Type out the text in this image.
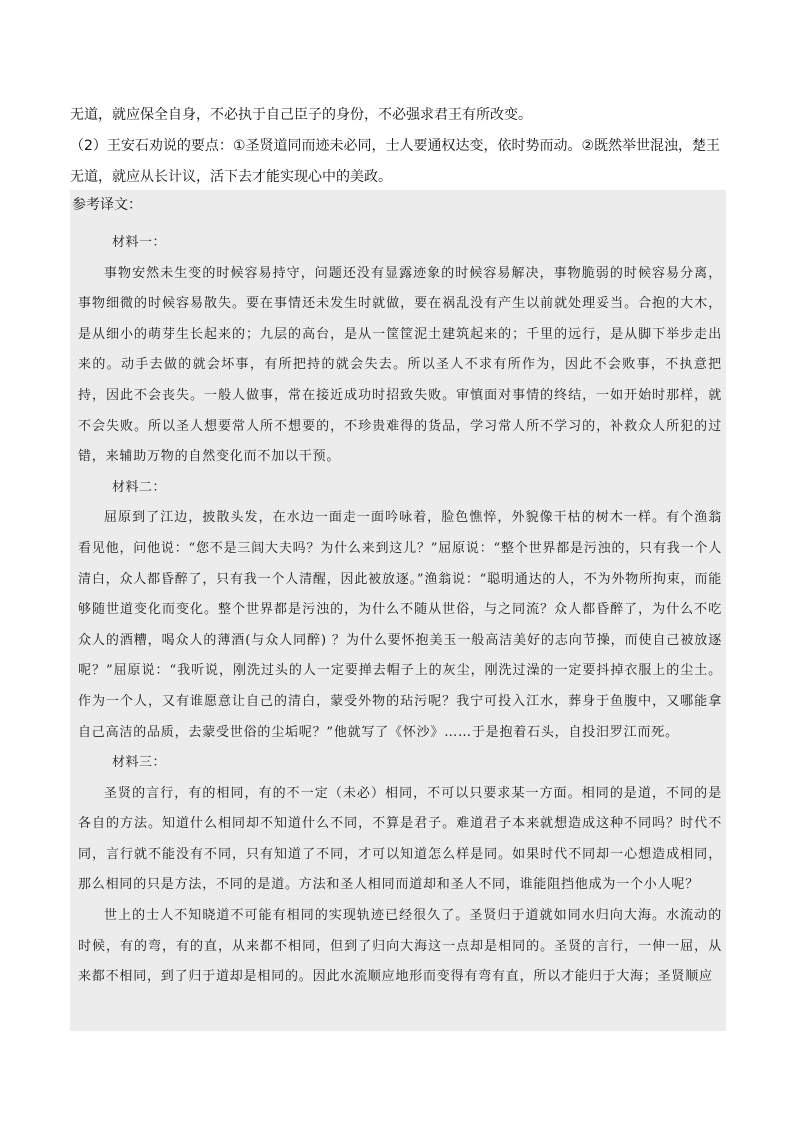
无道，就应保全自身，不必执于自己臣子的身份，不必强求君王有所改变。

（2）王安石劝说的要点：①圣贤道同而迹未必同，士人要通权达变，依时势而动。②既然举世混浊，楚王无道，就应从长计议，活下去才能实现心中的美政。

参考译文：

材料一：

事物安然未生变的时候容易持守，问题还没有显露迹象的时候容易解决，事物脆弱的时候容易分离，事物细微的时候容易散失。要在事情还未发生时就做，要在祸乱没有产生以前就处理妥当。合抱的大木，是从细小的萌芽生长起来的；九层的高台，是从一筐筐泥土建筑起来的；千里的远行，是从脚下举步走出来的。动手去做的就会坏事，有所把持的就会失去。所以圣人不求有所作为，因此不会败事，不执意把持，因此不会丧失。一般人做事，常在接近成功时招致失败。审慎面对事情的终结，一如开始时那样，就不会失败。所以圣人想要常人所不想要的，不珍贵难得的货品，学习常人所不学习的，补救众人所犯的过错，来辅助万物的自然变化而不加以干预。

材料二：

屈原到了江边，披散头发，在水边一面走一面吟咏着，脸色憔悴，外貌像干枯的树木一样。有个渔翁看见他，问他说：“您不是三闾大夫吗？为什么来到这儿？”屈原说：“整个世界都是污浊的，只有我一个人清白，众人都昏醉了，只有我一个人清醒，因此被放逐。”渔翁说：“聪明通达的人，不为外物所拘束，而能够随世道变化而变化。整个世界都是污浊的，为什么不随从世俗，与之同流？众人都昏醉了，为什么不吃众人的酒糟，喝众人的薄酒(与众人同醉) ？为什么要怀抱美玉一般高洁美好的志向节操，而使自己被放逐呢？”屈原说：“我听说，刚洗过头的人一定要掸去帽子上的灰尘，刚洗过澡的一定要抖掉衣服上的尘土。作为一个人，又有谁愿意让自己的清白，蒙受外物的玷污呢？我宁可投入江水，葬身于鱼腹中，又哪能拿自己高洁的品质，去蒙受世俗的尘垢呢？”他就写了《怀沙》……于是抱着石头，自投汨罗江而死。

材料三：

圣贤的言行，有的相同，有的不一定（未必）相同，不可以只要求某一方面。相同的是道，不同的是各自的方法。知道什么相同却不知道什么不同，不算是君子。难道君子本来就想造成这种不同吗？时代不同，言行就不能没有不同，只有知道了不同，才可以知道怎么样是同。如果时代不同却一心想造成相同，那么相同的只是方法，不同的是道。方法和圣人相同而道却和圣人不同，谁能阻挡他成为一个小人呢？

世上的士人不知晓道不可能有相同的实现轨迹已经很久了。圣贤归于道就如同水归向大海。水流动的时候，有的弯，有的直，从来都不相同，但到了归向大海这一点却是相同的。圣贤的言行，一伸一屈，从来都不相同，到了归于道却是相同的。因此水流顺应地形而变得有弯有直，所以才能归于大海；圣贤顺应
